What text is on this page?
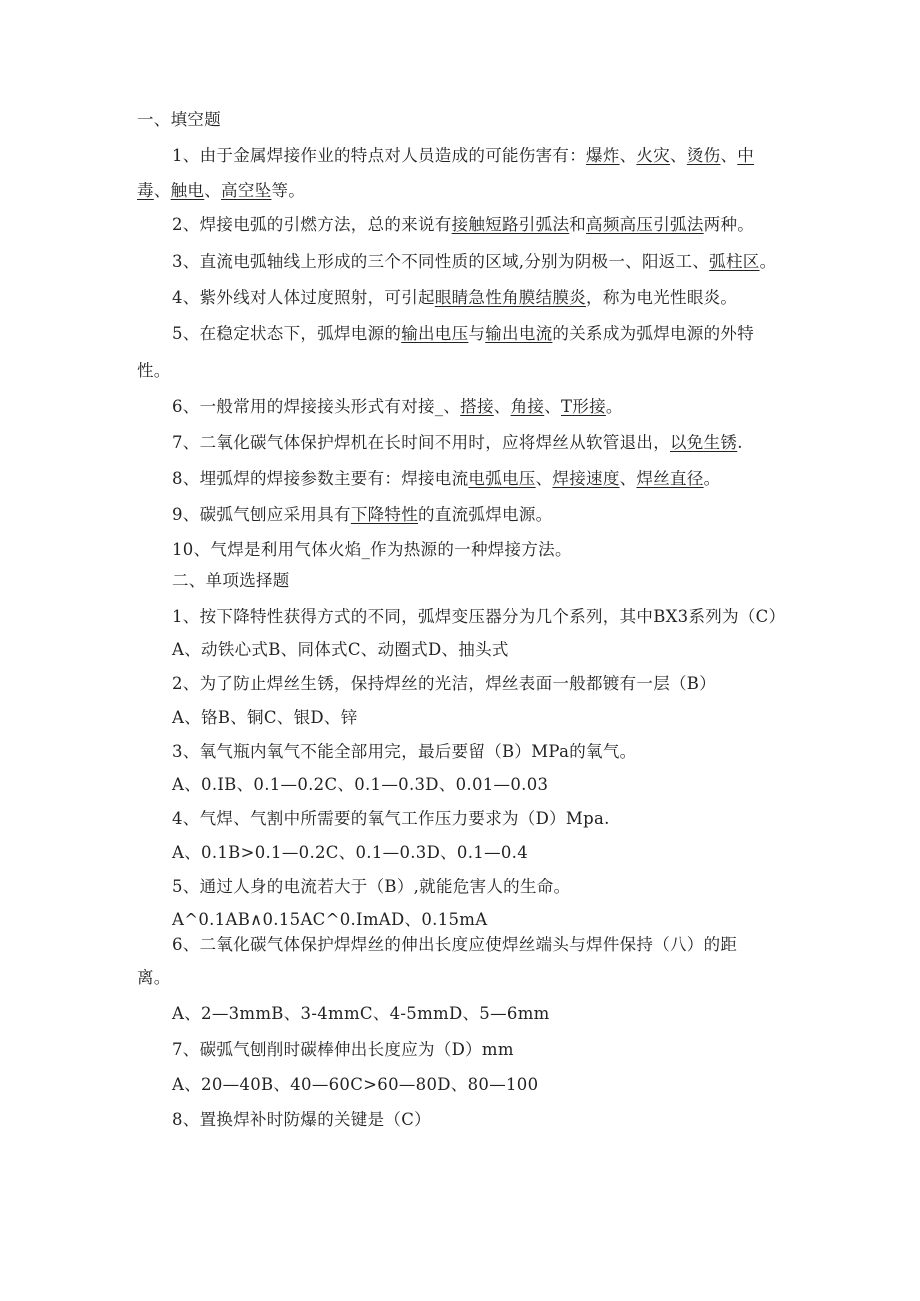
一、填空题
1、由于金属焊接作业的特点对人员造成的可能伤害有：爆炸、火灾、烫伤、中
毒、触电、高空坠等。
2、焊接电弧的引燃方法，总的来说有接触短路引弧法和高频高压引弧法两种。
3、直流电弧轴线上形成的三个不同性质的区域,分别为阴极一、阳返工、弧柱区。
4、紫外线对人体过度照射，可引起眼睛急性角膜结膜炎，称为电光性眼炎。
5、在稳定状态下，弧焊电源的输出电压与输出电流的关系成为弧焊电源的外特
性。
6、一般常用的焊接接头形式有对接_、搭接、角接、T形接。
7、二氧化碳气体保护焊机在长时间不用时，应将焊丝从软管退出，以免生锈.
8、埋弧焊的焊接参数主要有：焊接电流电弧电压、焊接速度、焊丝直径。
9、碳弧气刨应采用具有下降特性的直流弧焊电源。
10、气焊是利用气体火焰_作为热源的一种焊接方法。
二、单项选择题
1、按下降特性获得方式的不同，弧焊变压器分为几个系列，其中BX3系列为（C）
A、动铁心式B、同体式C、动圈式D、抽头式
2、为了防止焊丝生锈，保持焊丝的光洁，焊丝表面一般都镀有一层（B）
A、铬B、铜C、银D、锌
3、氧气瓶内氧气不能全部用完，最后要留（B）MPa的氧气。
A、0.IB、0.1—0.2C、0.1—0.3D、0.01—0.03
4、气焊、气割中所需要的氧气工作压力要求为（D）Mpa.
A、0.1B>0.1—0.2C、0.1—0.3D、0.1—0.4
5、通过人身的电流若大于（B）,就能危害人的生命。
A^0.1AB∧0.15AC^0.ImAD、0.15mA
6、二氧化碳气体保护焊焊丝的伸出长度应使焊丝端头与焊件保持（八）的距
离。
A、2—3mmB、3-4mmC、4-5mmD、5—6mm
7、碳弧气刨削时碳棒伸出长度应为（D）mm
A、20—40B、40—60C>60—80D、80—100
8、置换焊补时防爆的关键是（C）
